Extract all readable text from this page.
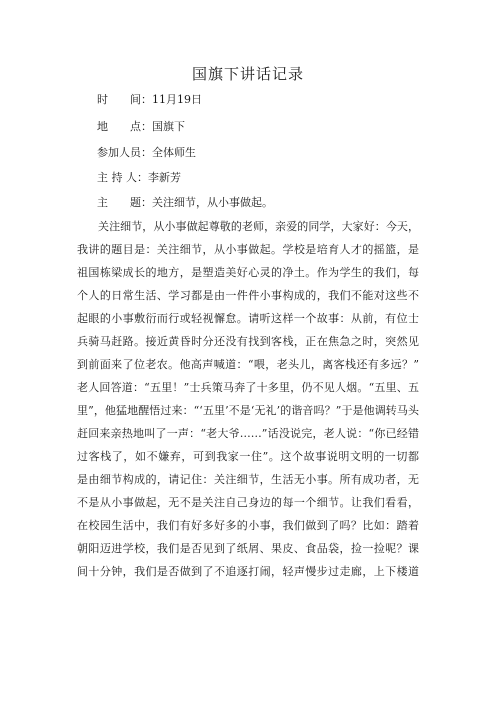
国旗下讲话记录
时　　间：11月19日
地　　点：国旗下
参加人员：全体师生
主 持 人：李新芳
主　　题：关注细节，从小事做起。
关注细节，从小事做起尊敬的老师，亲爱的同学，大家好：今天，
我讲的题目是：关注细节，从小事做起。学校是培育人才的摇篮，是
祖国栋梁成长的地方，是塑造美好心灵的净土。作为学生的我们，每
个人的日常生活、学习都是由一件件小事构成的，我们不能对这些不
起眼的小事敷衍而行或轻视懈怠。请听这样一个故事：从前，有位士
兵骑马赶路。接近黄昏时分还没有找到客栈，正在焦急之时，突然见
到前面来了位老农。他高声喊道：“喂，老头儿，离客栈还有多远？”
老人回答道：“五里！”士兵策马奔了十多里，仍不见人烟。“五里、五
里”，他猛地醒悟过来：“‘五里’不是‘无礼’的谐音吗？”于是他调转马头
赶回来亲热地叫了一声：“老大爷……”话没说完，老人说：“你已经错
过客栈了，如不嫌弃，可到我家一住”。这个故事说明文明的一切都
是由细节构成的，请记住：关注细节，生活无小事。所有成功者，无
不是从小事做起，无不是关注自己身边的每一个细节。让我们看看，
在校园生活中，我们有好多好多的小事，我们做到了吗？比如：踏着
朝阳迈进学校，我们是否见到了纸屑、果皮、食品袋，捡一捡呢？课
间十分钟，我们是否做到了不追逐打闹，轻声慢步过走廊，上下楼道
